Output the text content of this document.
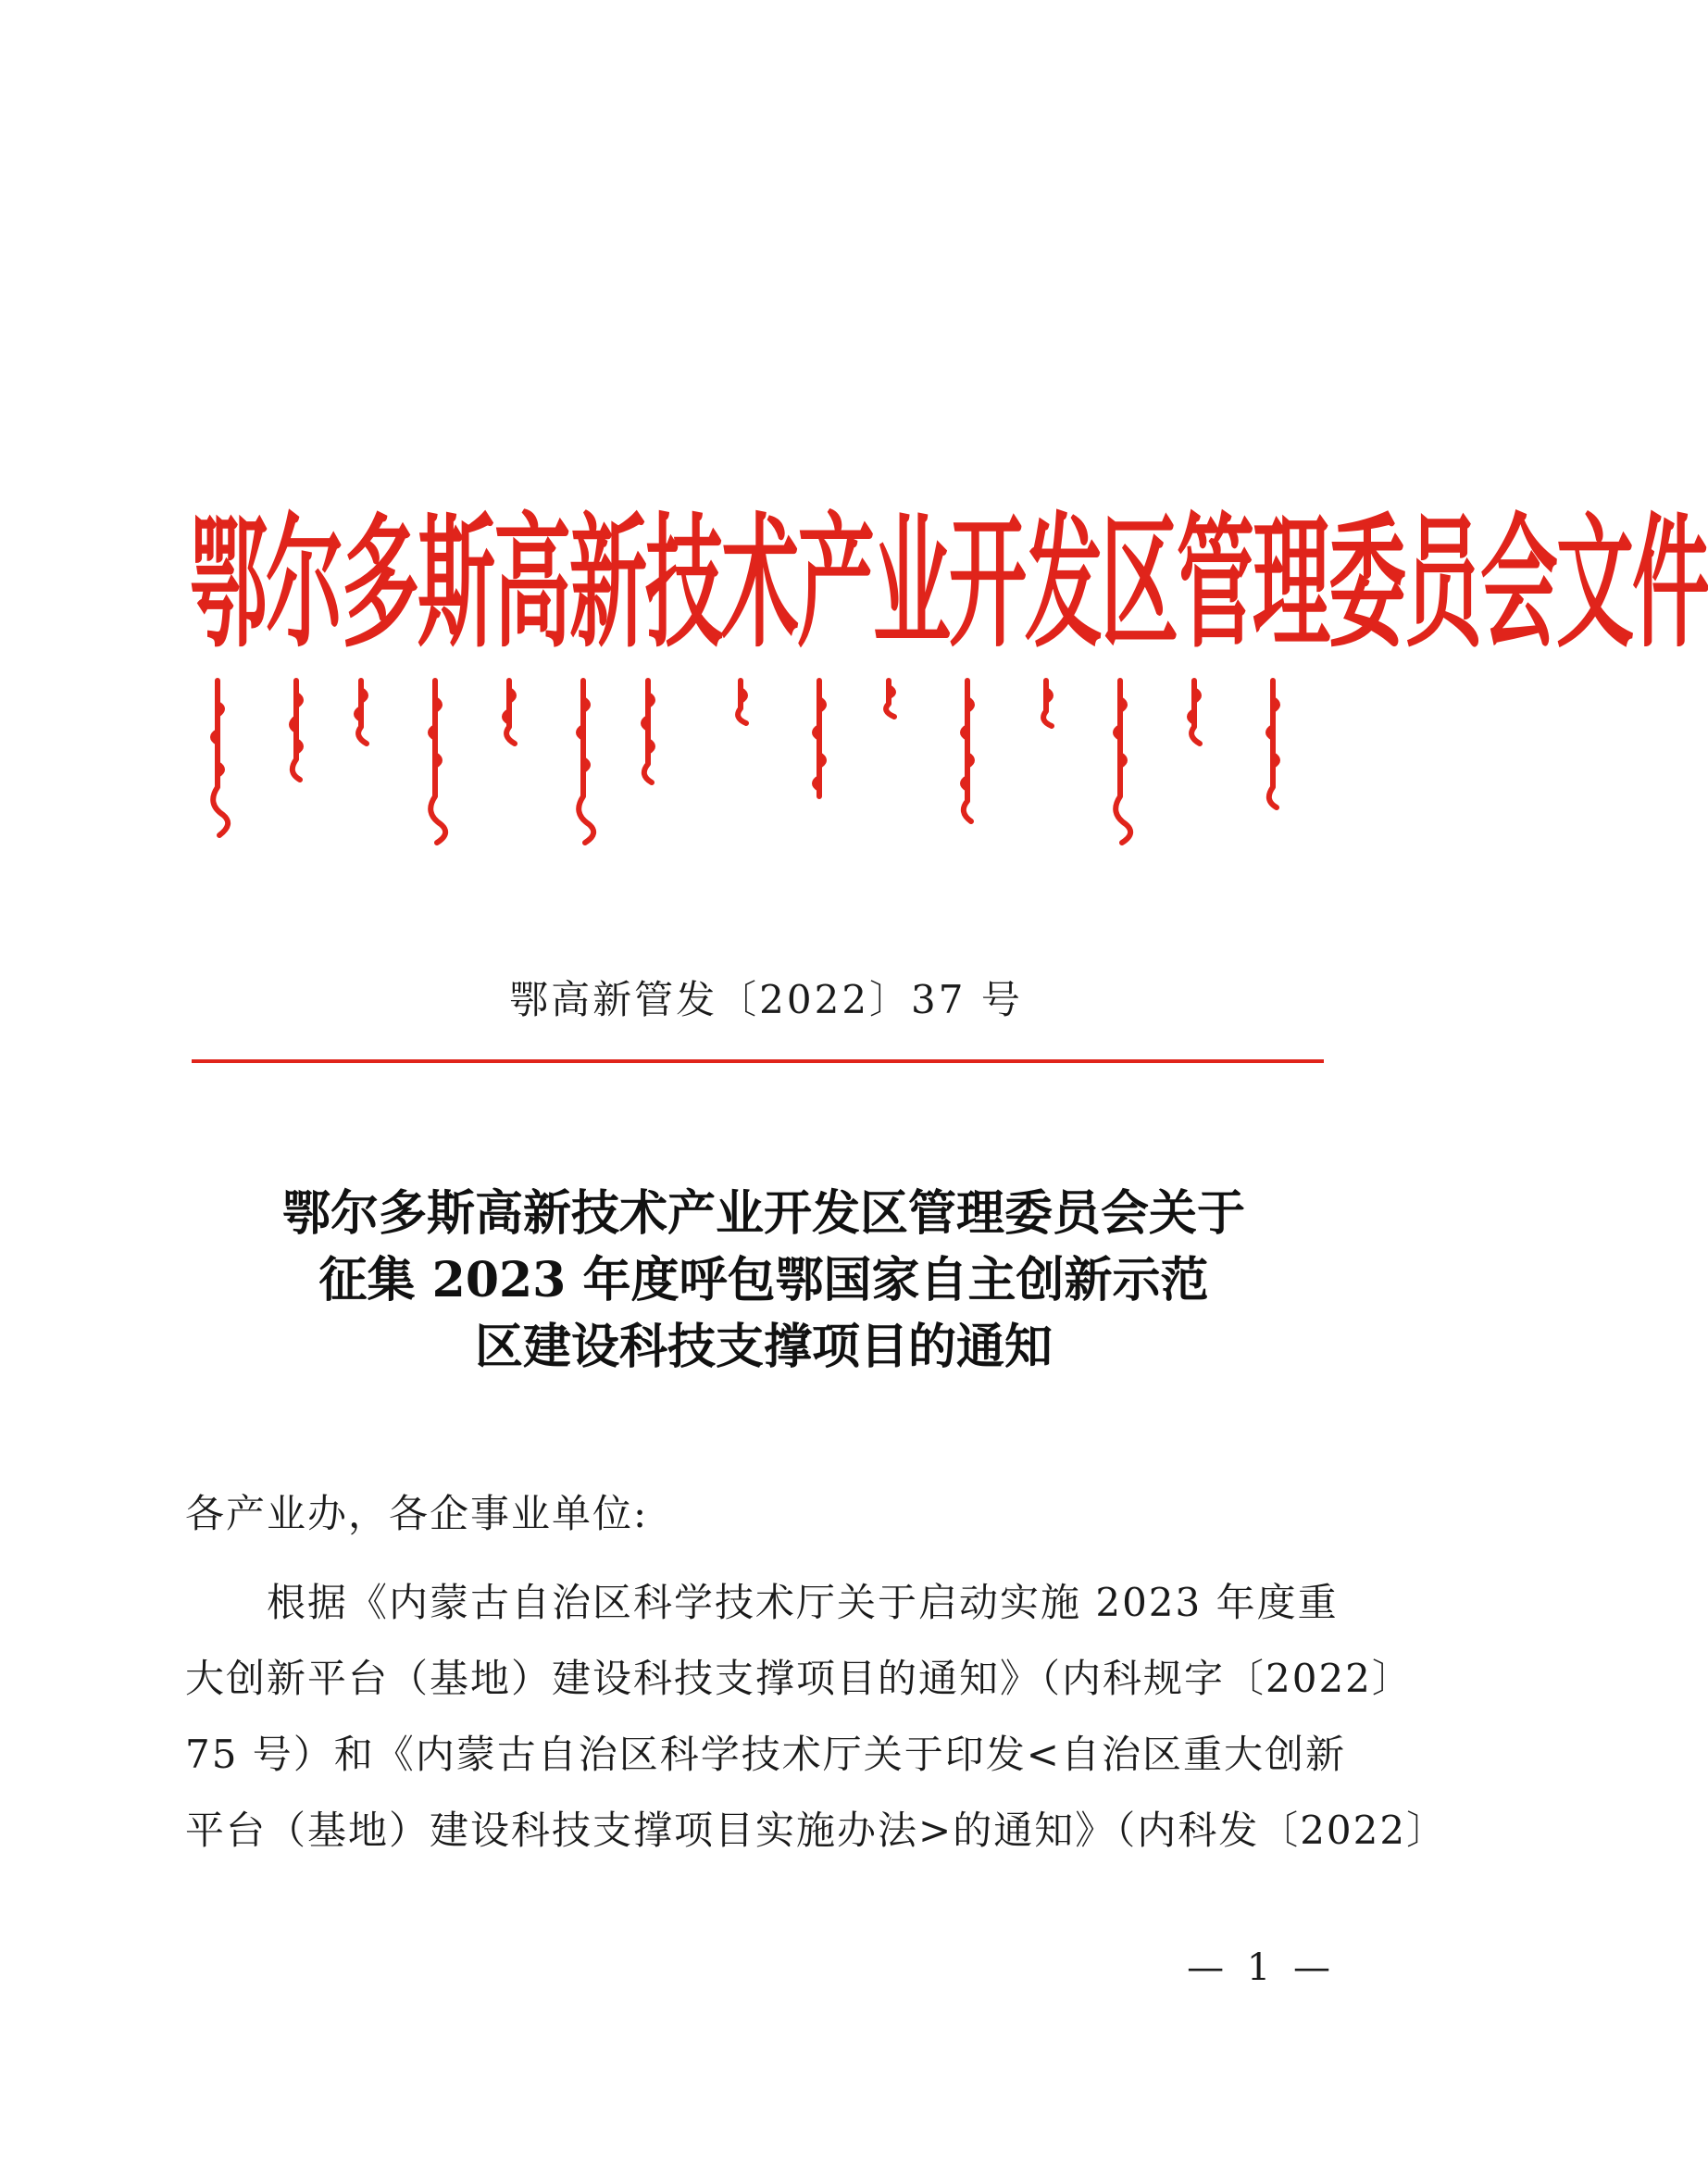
鄂尔多斯高新技术产业开发区管理委员会文件
鄂高新管发〔2022〕37 号
鄂尔多斯高新技术产业开发区管理委员会关于
征集 2023 年度呼包鄂国家自主创新示范
区建设科技支撑项目的通知
各产业办，各企事业单位:
　　根据《内蒙古自治区科学技术厅关于启动实施 2023 年度重
大创新平台（基地）建设科技支撑项目的通知》（内科规字〔2022〕
75 号）和《内蒙古自治区科学技术厅关于印发<自治区重大创新
平台（基地）建设科技支撑项目实施办法>的通知》（内科发〔2022〕
— 1 —
